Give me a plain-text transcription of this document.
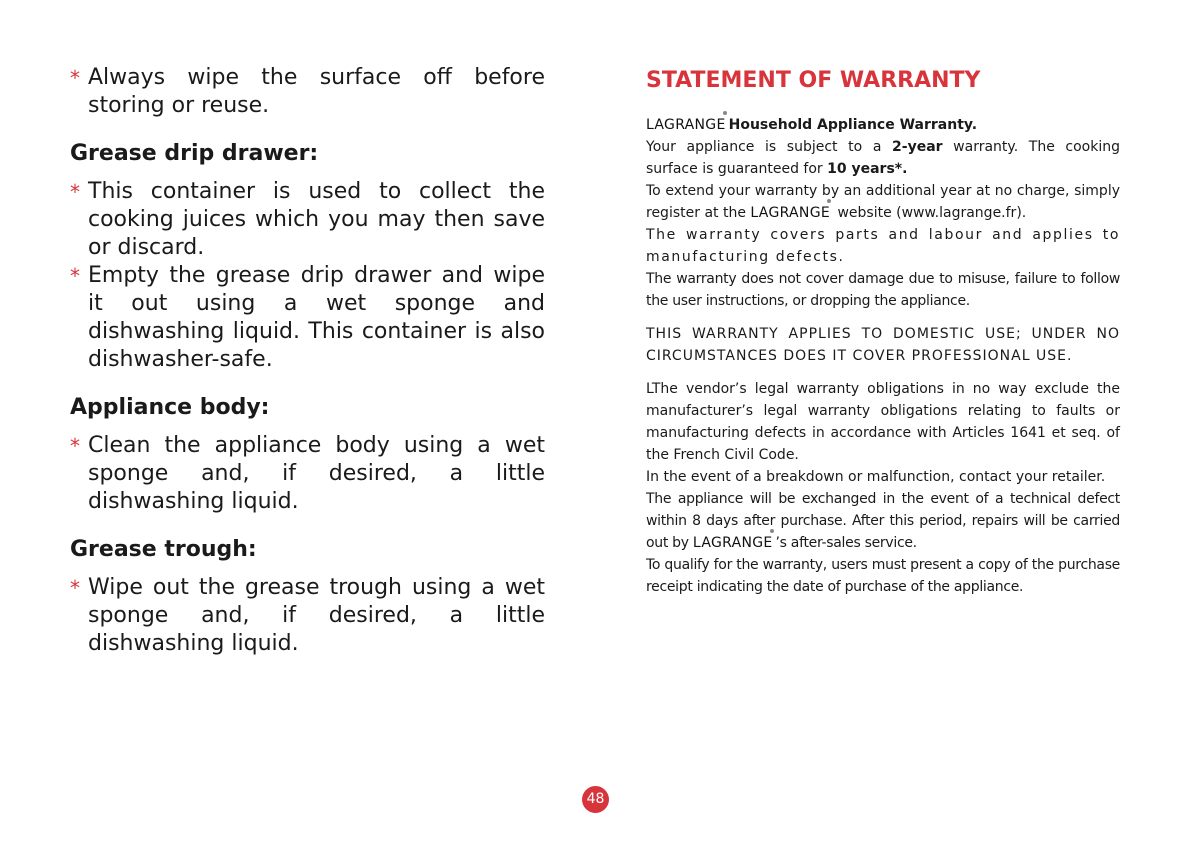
* Always wipe the surface off before storing or reuse.

Grease drip drawer:

* This container is used to collect the cooking juices which you may then save or discard.

* Empty the grease drip drawer and wipe it out using a wet sponge and dishwashing liquid. This container is also dishwasher-safe.

Appliance body:

* Clean the appliance body using a wet sponge and, if desired, a little dishwashing liquid.

Grease trough:

* Wipe out the grease trough using a wet sponge and, if desired, a little dishwashing liquid.

STATEMENT OF WARRANTY

LAGRANGE Household Appliance Warranty.

Your appliance is subject to a 2-year warranty. The cooking surface is guaranteed for 10 years*.

To extend your warranty by an additional year at no charge, simply register at the LAGRANGE
website (www.lagrange.fr).

The warranty covers parts and labour and applies to manufacturing defects.

The warranty does not cover damage due to misuse, failure to follow the user instructions, or dropping the appliance.

THIS WARRANTY APPLIES TO DOMESTIC USE; UNDER NO CIRCUMSTANCES DOES IT COVER PROFESSIONAL USE.

LThe vendor’s legal warranty obligations in no way exclude the manufacturer’s legal warranty obligations relating to faults or manufacturing defects in accordance with Articles 1641 et seq. of the French Civil Code.

In the event of a breakdown or malfunction, contact your retailer.

The appliance will be exchanged in the event of a technical defect within 8 days after purchase. After this period, repairs will be carried out by LAGRANGE ’s after-sales service.

To qualify for the warranty, users must present a copy of the purchase receipt indicating the date of purchase of the appliance.

48
